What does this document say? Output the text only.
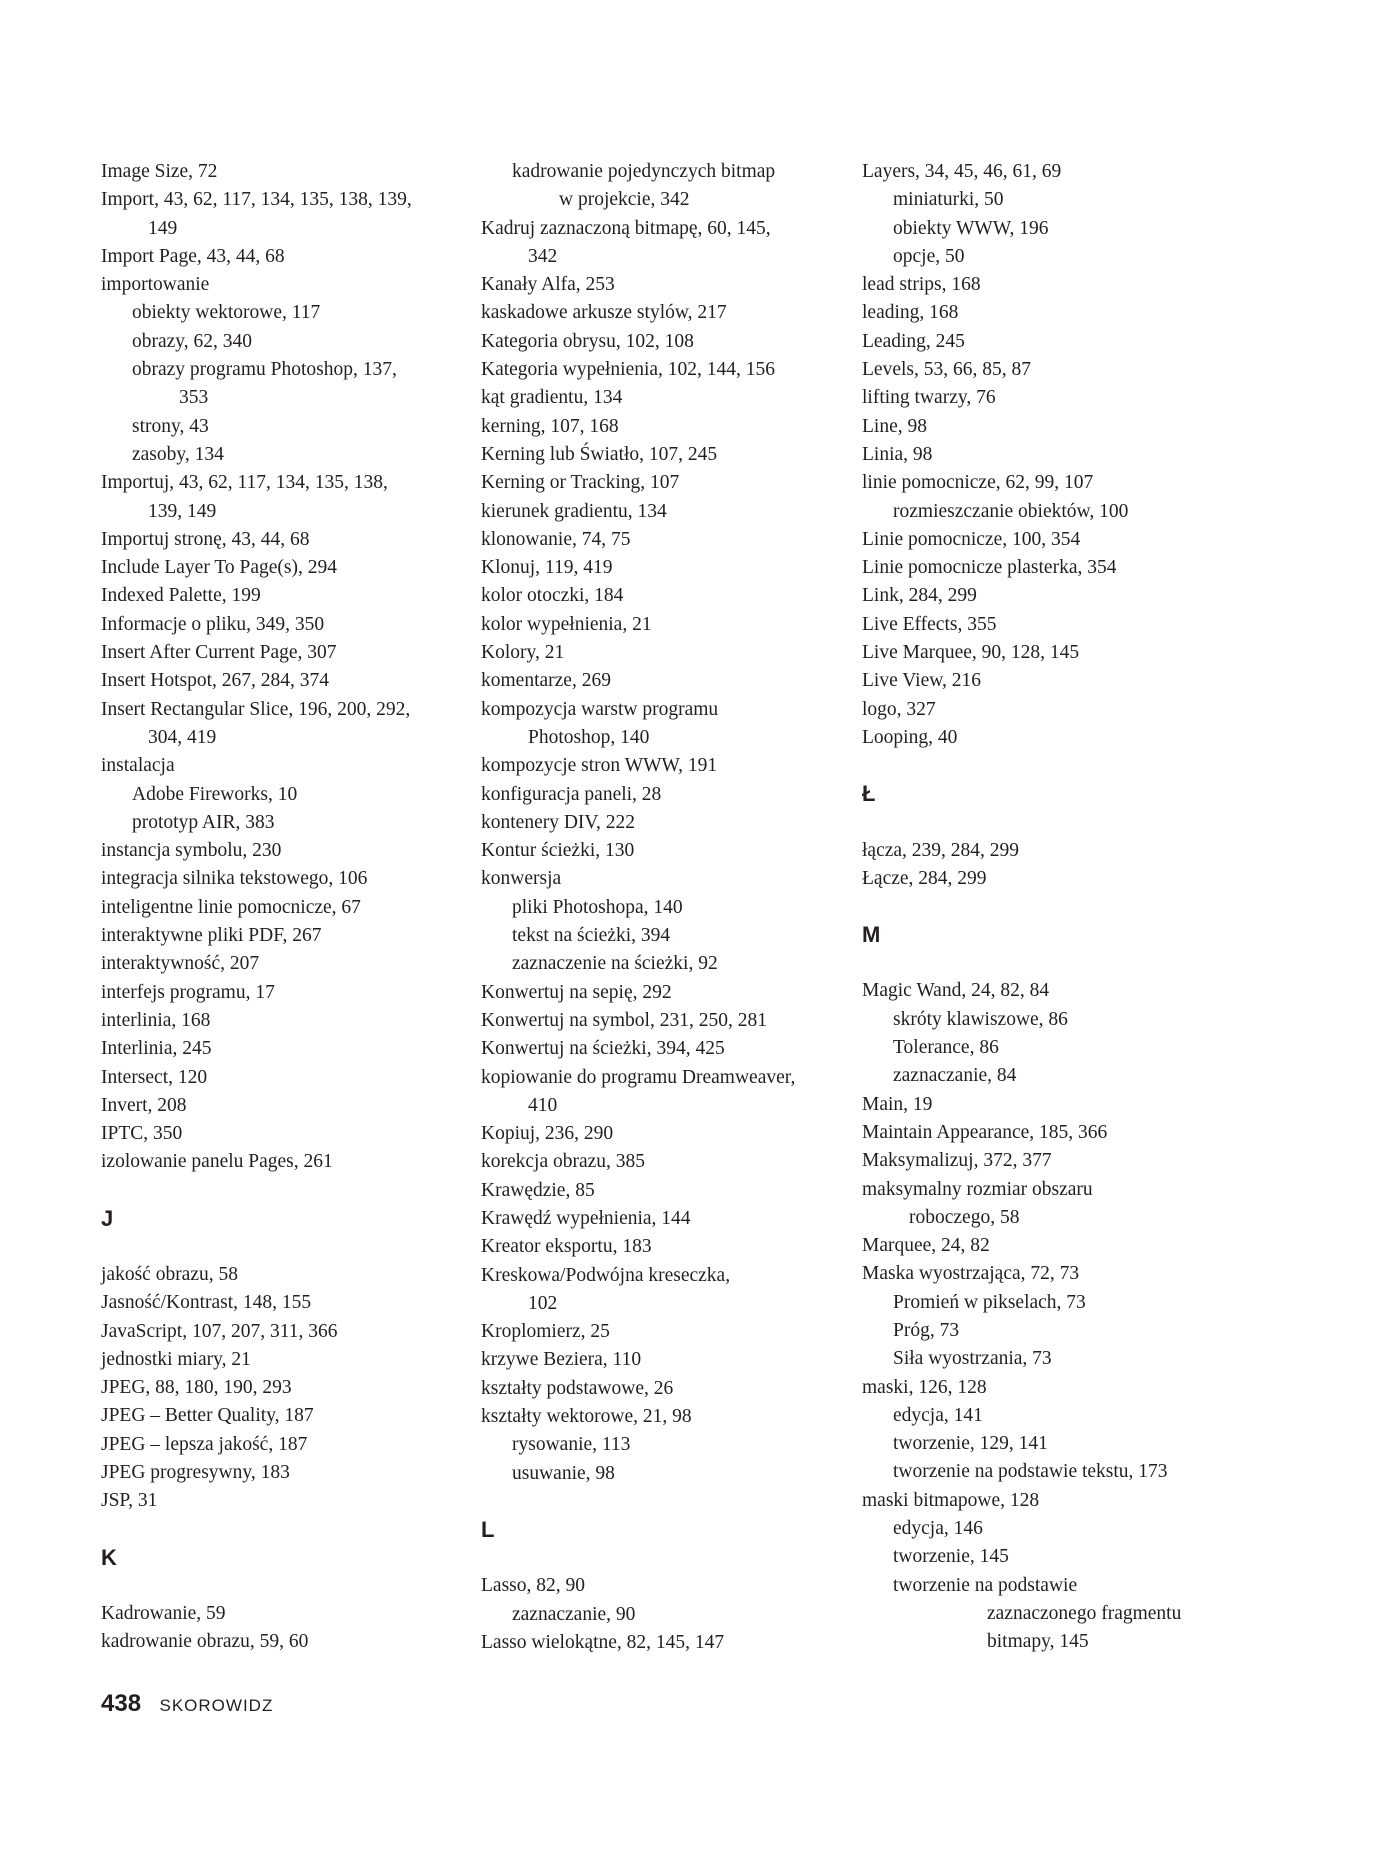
Image Size, 72
Import, 43, 62, 117, 134, 135, 138, 139,
149
Import Page, 43, 44, 68
importowanie
obiekty wektorowe, 117
obrazy, 62, 340
obrazy programu Photoshop, 137,
353
strony, 43
zasoby, 134
Importuj, 43, 62, 117, 134, 135, 138,
139, 149
Importuj stronę, 43, 44, 68
Include Layer To Page(s), 294
Indexed Palette, 199
Informacje o pliku, 349, 350
Insert After Current Page, 307
Insert Hotspot, 267, 284, 374
Insert Rectangular Slice, 196, 200, 292,
304, 419
instalacja
Adobe Fireworks, 10
prototyp AIR, 383
instancja symbolu, 230
integracja silnika tekstowego, 106
inteligentne linie pomocnicze, 67
interaktywne pliki PDF, 267
interaktywność, 207
interfejs programu, 17
interlinia, 168
Interlinia, 245
Intersect, 120
Invert, 208
IPTC, 350
izolowanie panelu Pages, 261
J
jakość obrazu, 58
Jasność/Kontrast, 148, 155
JavaScript, 107, 207, 311, 366
jednostki miary, 21
JPEG, 88, 180, 190, 293
JPEG – Better Quality, 187
JPEG – lepsza jakość, 187
JPEG progresywny, 183
JSP, 31
K
Kadrowanie, 59
kadrowanie obrazu, 59, 60
kadrowanie pojedynczych bitmap
w projekcie, 342
Kadruj zaznaczoną bitmapę, 60, 145,
342
Kanały Alfa, 253
kaskadowe arkusze stylów, 217
Kategoria obrysu, 102, 108
Kategoria wypełnienia, 102, 144, 156
kąt gradientu, 134
kerning, 107, 168
Kerning lub Światło, 107, 245
Kerning or Tracking, 107
kierunek gradientu, 134
klonowanie, 74, 75
Klonuj, 119, 419
kolor otoczki, 184
kolor wypełnienia, 21
Kolory, 21
komentarze, 269
kompozycja warstw programu
Photoshop, 140
kompozycje stron WWW, 191
konfiguracja paneli, 28
kontenery DIV, 222
Kontur ścieżki, 130
konwersja
pliki Photoshopa, 140
tekst na ścieżki, 394
zaznaczenie na ścieżki, 92
Konwertuj na sepię, 292
Konwertuj na symbol, 231, 250, 281
Konwertuj na ścieżki, 394, 425
kopiowanie do programu Dreamweaver,
410
Kopiuj, 236, 290
korekcja obrazu, 385
Krawędzie, 85
Krawędź wypełnienia, 144
Kreator eksportu, 183
Kreskowa/Podwójna kreseczka,
102
Kroplomierz, 25
krzywe Beziera, 110
kształty podstawowe, 26
kształty wektorowe, 21, 98
rysowanie, 113
usuwanie, 98
L
Lasso, 82, 90
zaznaczanie, 90
Lasso wielokątne, 82, 145, 147
Layers, 34, 45, 46, 61, 69
miniaturki, 50
obiekty WWW, 196
opcje, 50
lead strips, 168
leading, 168
Leading, 245
Levels, 53, 66, 85, 87
lifting twarzy, 76
Line, 98
Linia, 98
linie pomocnicze, 62, 99, 107
rozmieszczanie obiektów, 100
Linie pomocnicze, 100, 354
Linie pomocnicze plasterka, 354
Link, 284, 299
Live Effects, 355
Live Marquee, 90, 128, 145
Live View, 216
logo, 327
Looping, 40
Ł
łącza, 239, 284, 299
Łącze, 284, 299
M
Magic Wand, 24, 82, 84
skróty klawiszowe, 86
Tolerance, 86
zaznaczanie, 84
Main, 19
Maintain Appearance, 185, 366
Maksymalizuj, 372, 377
maksymalny rozmiar obszaru
roboczego, 58
Marquee, 24, 82
Maska wyostrzająca, 72, 73
Promień w pikselach, 73
Próg, 73
Siła wyostrzania, 73
maski, 126, 128
edycja, 141
tworzenie, 129, 141
tworzenie na podstawie tekstu, 173
maski bitmapowe, 128
edycja, 146
tworzenie, 145
tworzenie na podstawie
zaznaczonego fragmentu
bitmapy, 145
438 SKOROWIDZ
